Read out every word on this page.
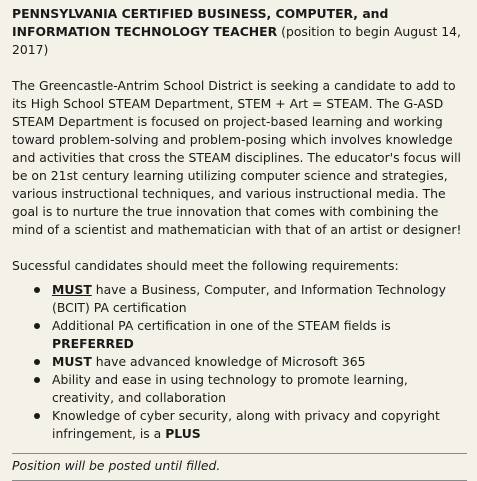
PENNSYLVANIA CERTIFIED BUSINESS, COMPUTER, and INFORMATION TECHNOLOGY TEACHER (position to begin August 14, 2017)

The Greencastle-Antrim School District is seeking a candidate to add to its High School STEAM Department, STEM + Art = STEAM. The G-ASD STEAM Department is focused on project-based learning and working toward problem-solving and problem-posing which involves knowledge and activities that cross the STEAM disciplines. The educator's focus will be on 21st century learning utilizing computer science and strategies, various instructional techniques, and various instructional media. The goal is to nurture the true innovation that comes with combining the mind of a scientist and mathematician with that of an artist or designer!

Sucessful candidates should meet the following requirements:

MUST have a Business, Computer, and Information Technology (BCIT) PA certification
Additional PA certification in one of the STEAM fields is PREFERRED
MUST have advanced knowledge of Microsoft 365
Ability and ease in using technology to promote learning, creativity, and collaboration
Knowledge of cyber security, along with privacy and copyright infringement, is a PLUS

Position will be posted until filled.
